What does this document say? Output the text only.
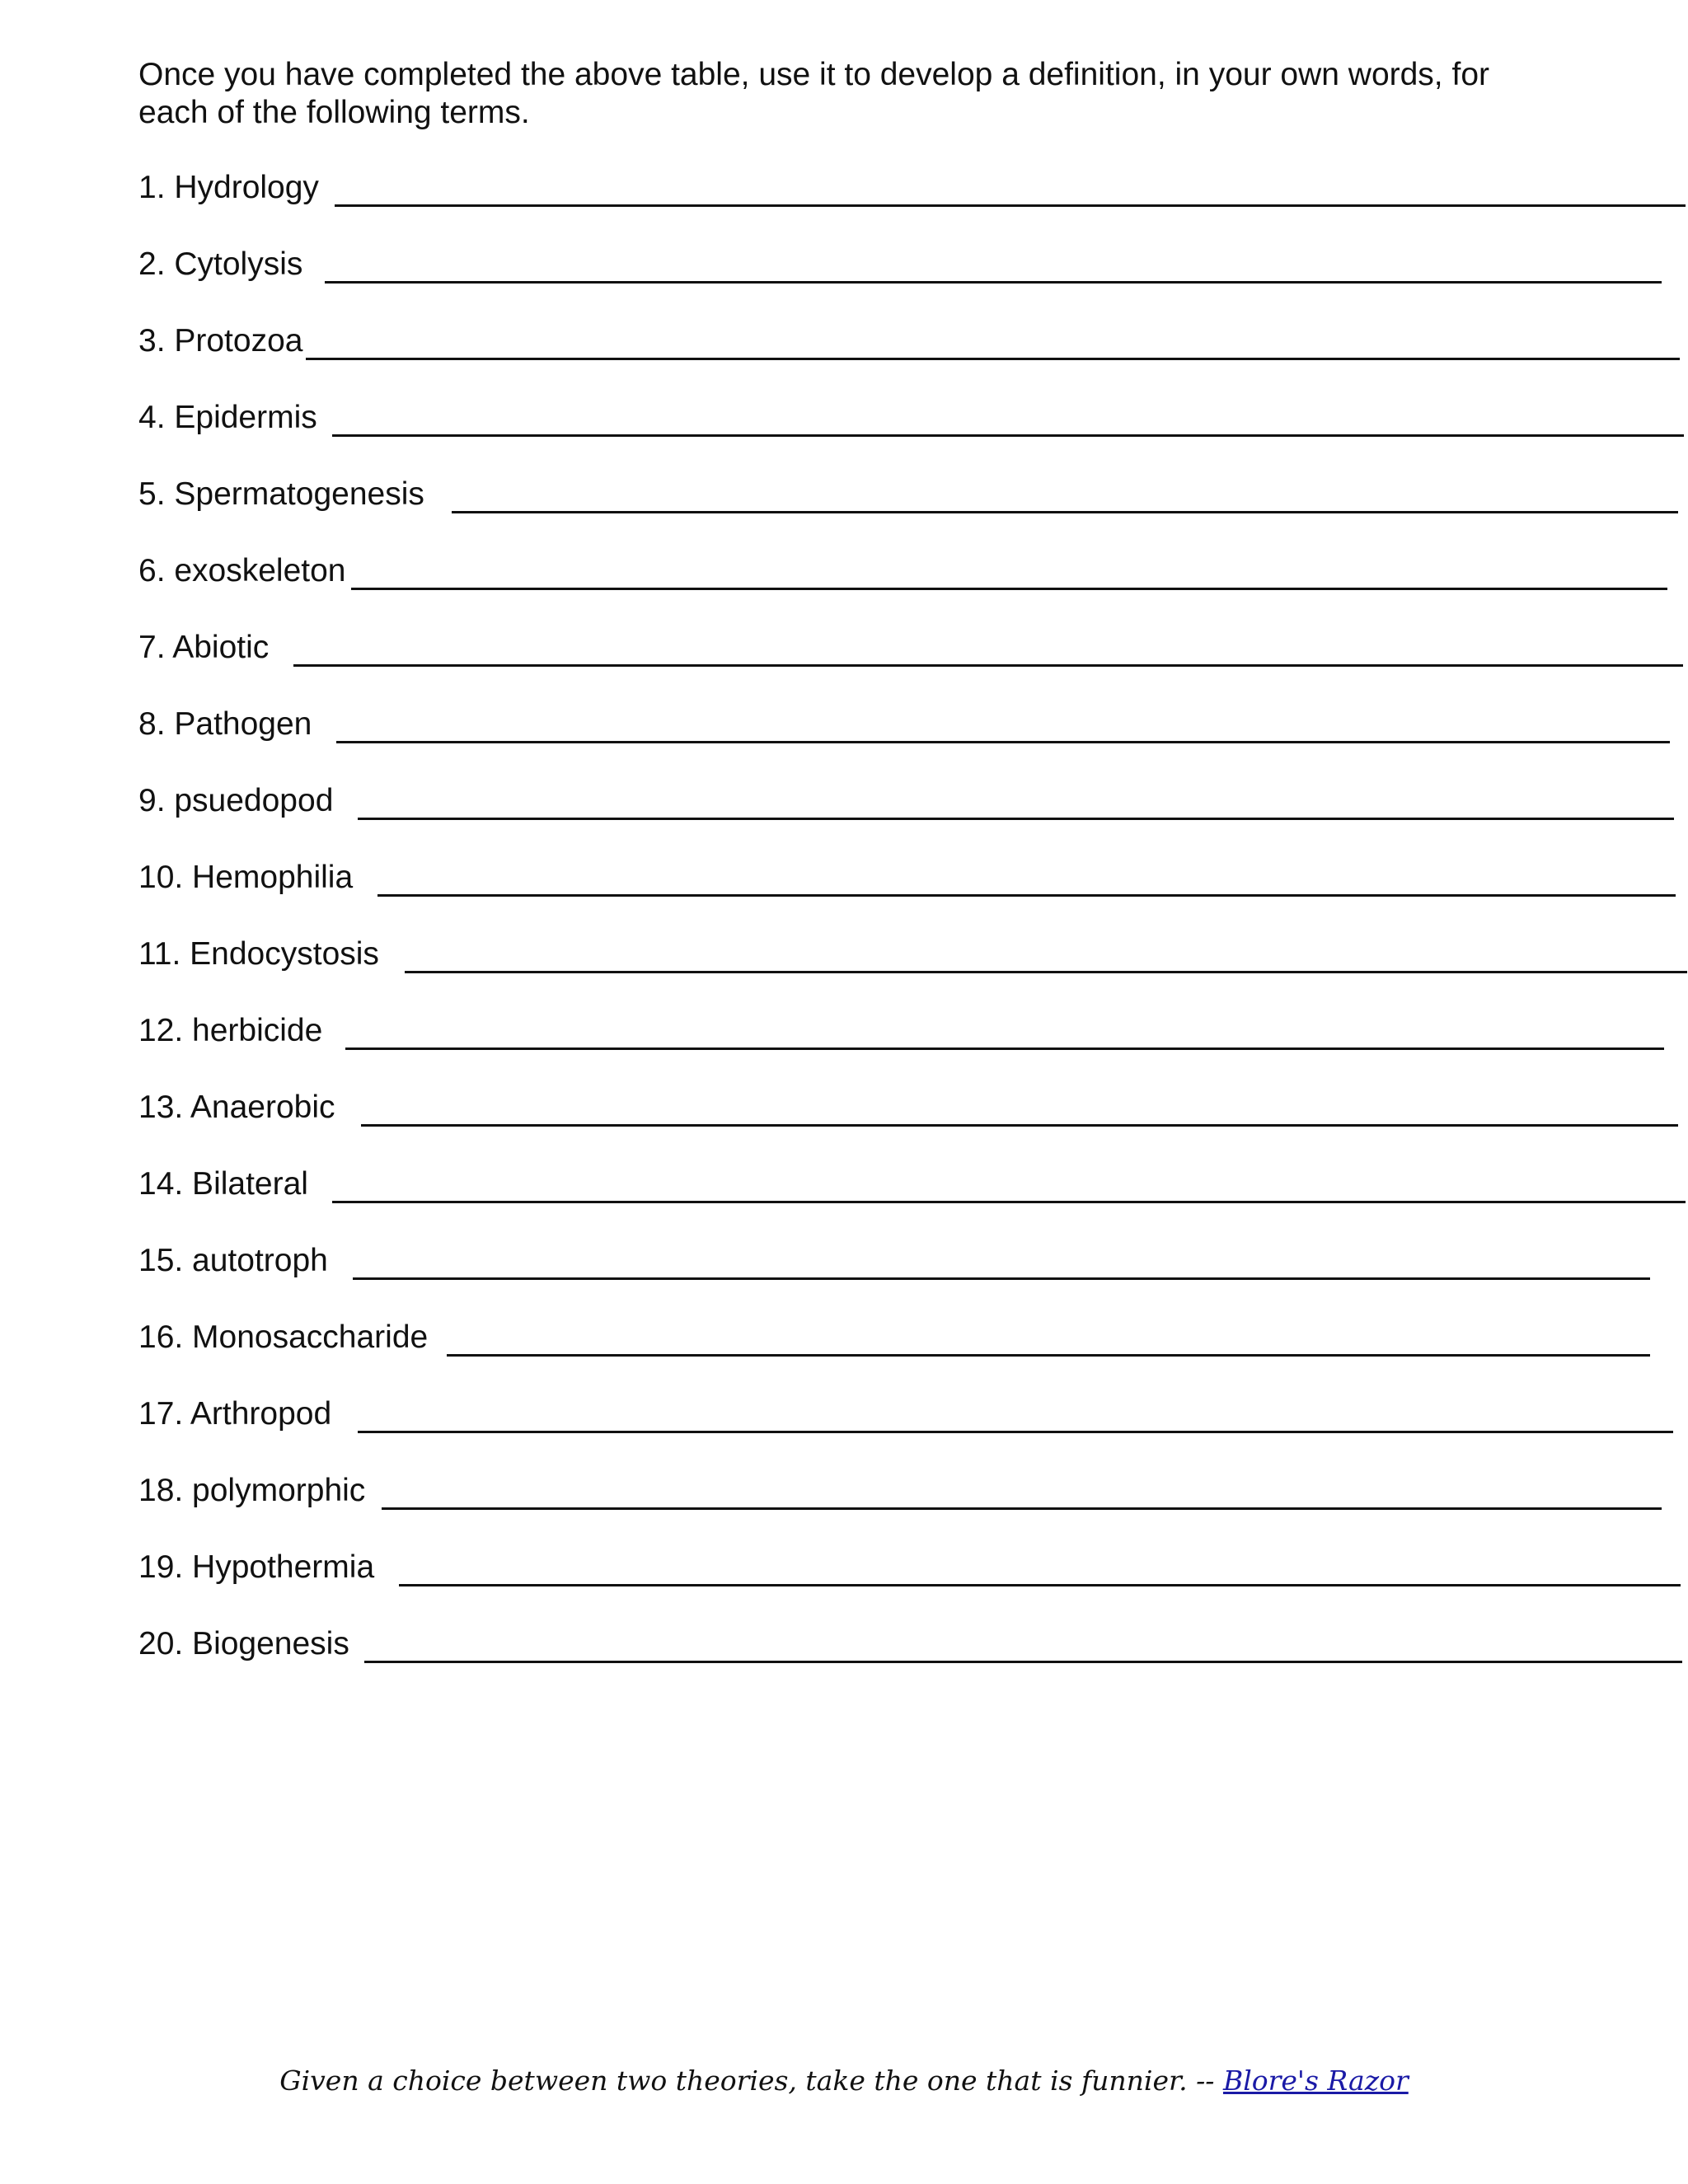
Once you have completed the above table, use it to develop a definition, in your own words, for each of the following terms.

1. Hydrology
2. Cytolysis
3. Protozoa
4. Epidermis
5. Spermatogenesis
6. exoskeleton
7. Abiotic
8. Pathogen
9. psuedopod
10. Hemophilia
11. Endocystosis
12. herbicide
13. Anaerobic
14. Bilateral
15. autotroph
16. Monosaccharide
17. Arthropod
18. polymorphic
19. Hypothermia
20. Biogenesis
Given a choice between two theories, take the one that is funnier. -- Blore's Razor
